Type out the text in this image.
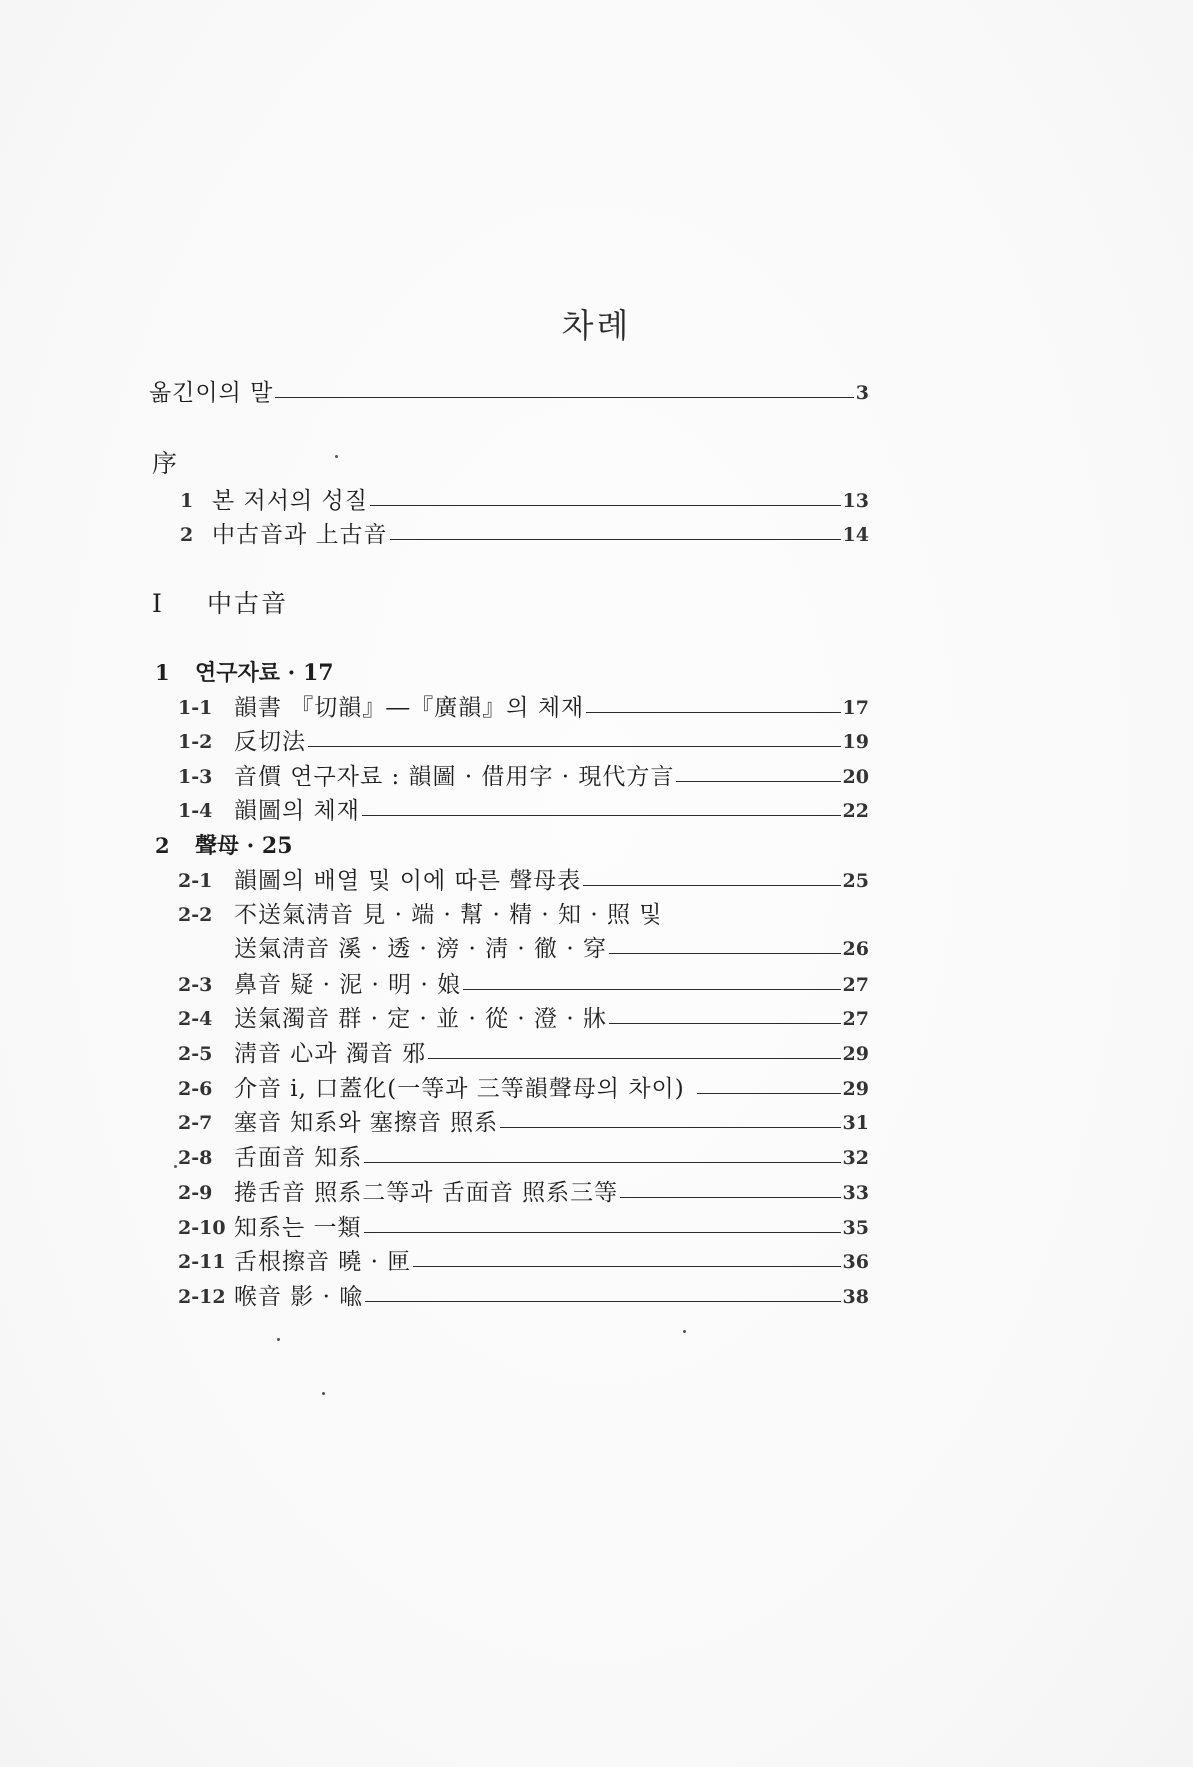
차례
옮긴이의 말	3
序
1 본 저서의 성질	13
2 中古音과 上古音	14
I 中古音
1 연구자료 · 17
1-1 韻書 『切韻』―『廣韻』의 체재	17
1-2 反切法	19
1-3 音價 연구자료 : 韻圖 · 借用字 · 現代方言	20
1-4 韻圖의 체재	22
2 聲母 · 25
2-1 韻圖의 배열 및 이에 따른 聲母表	25
2-2 不送氣淸音 見 · 端 · 幫 · 精 · 知 · 照 및
送氣淸音 溪 · 透 · 滂 · 淸 · 徹 · 穿	26
2-3 鼻音 疑 · 泥 · 明 · 娘	27
2-4 送氣濁音 群 · 定 · 並 · 從 · 澄 · 牀	27
2-5 淸音 心과 濁音 邪	29
2-6 介音 i, 口蓋化(一等과 三等韻聲母의 차이)	29
2-7 塞音 知系와 塞擦音 照系	31
2-8 舌面音 知系	32
2-9 捲舌音 照系二等과 舌面音 照系三等	33
2-10 知系는 一類	35
2-11 舌根擦音 曉 · 匣	36
2-12 喉音 影 · 喩	38
